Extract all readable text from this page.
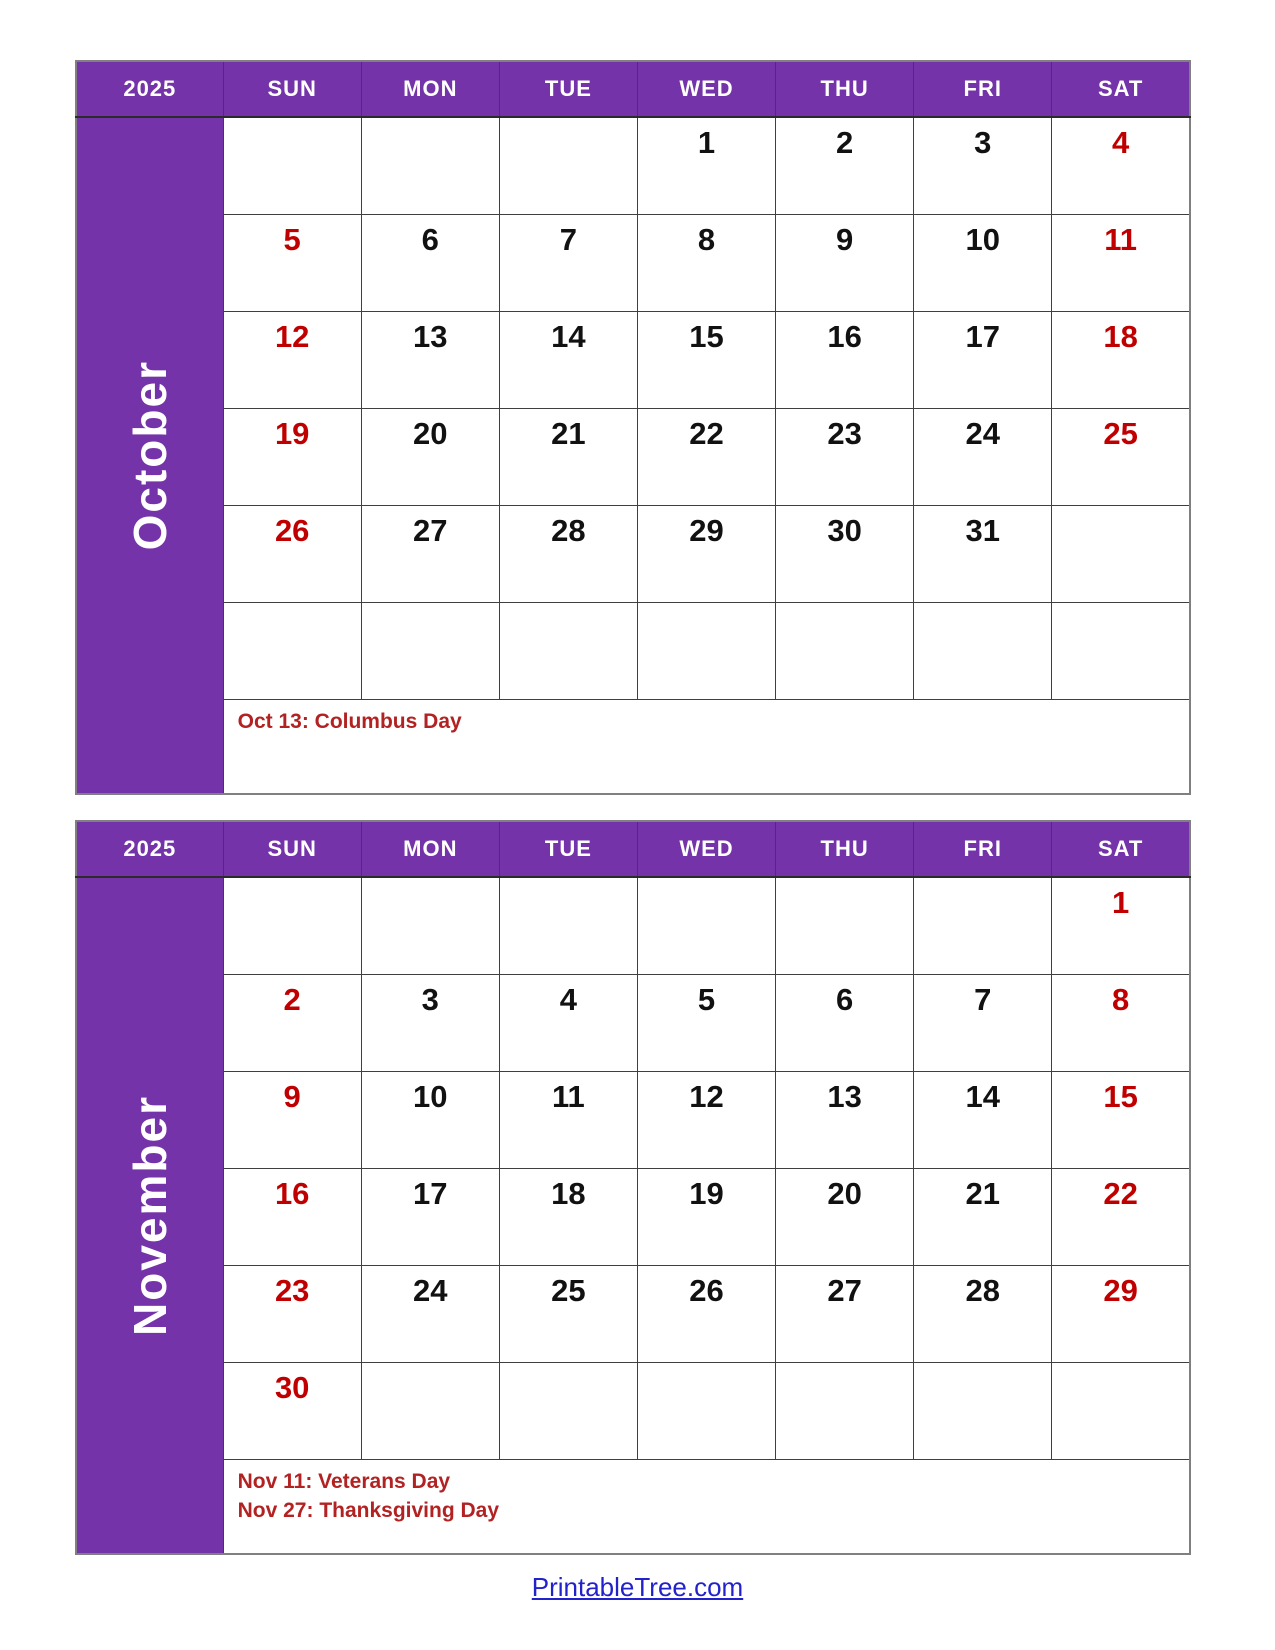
2025	SUN	MON	TUE	WED	THU	FRI	SAT

October				1	2	3	4
	5	6	7	8	9	10	11
	12	13	14	15	16	17	18
	19	20	21	22	23	24	25
	26	27	28	29	30	31	

	Oct 13: Columbus Day						
2025	SUN	MON	TUE	WED	THU	FRI	SAT

November							1
	2	3	4	5	6	7	8
	9	10	11	12	13	14	15
	16	17	18	19	20	21	22
	23	24	25	26	27	28	29
	30						

	Nov 11: Veterans Day
Nov 27: Thanksgiving Day						
PrintableTree.com
